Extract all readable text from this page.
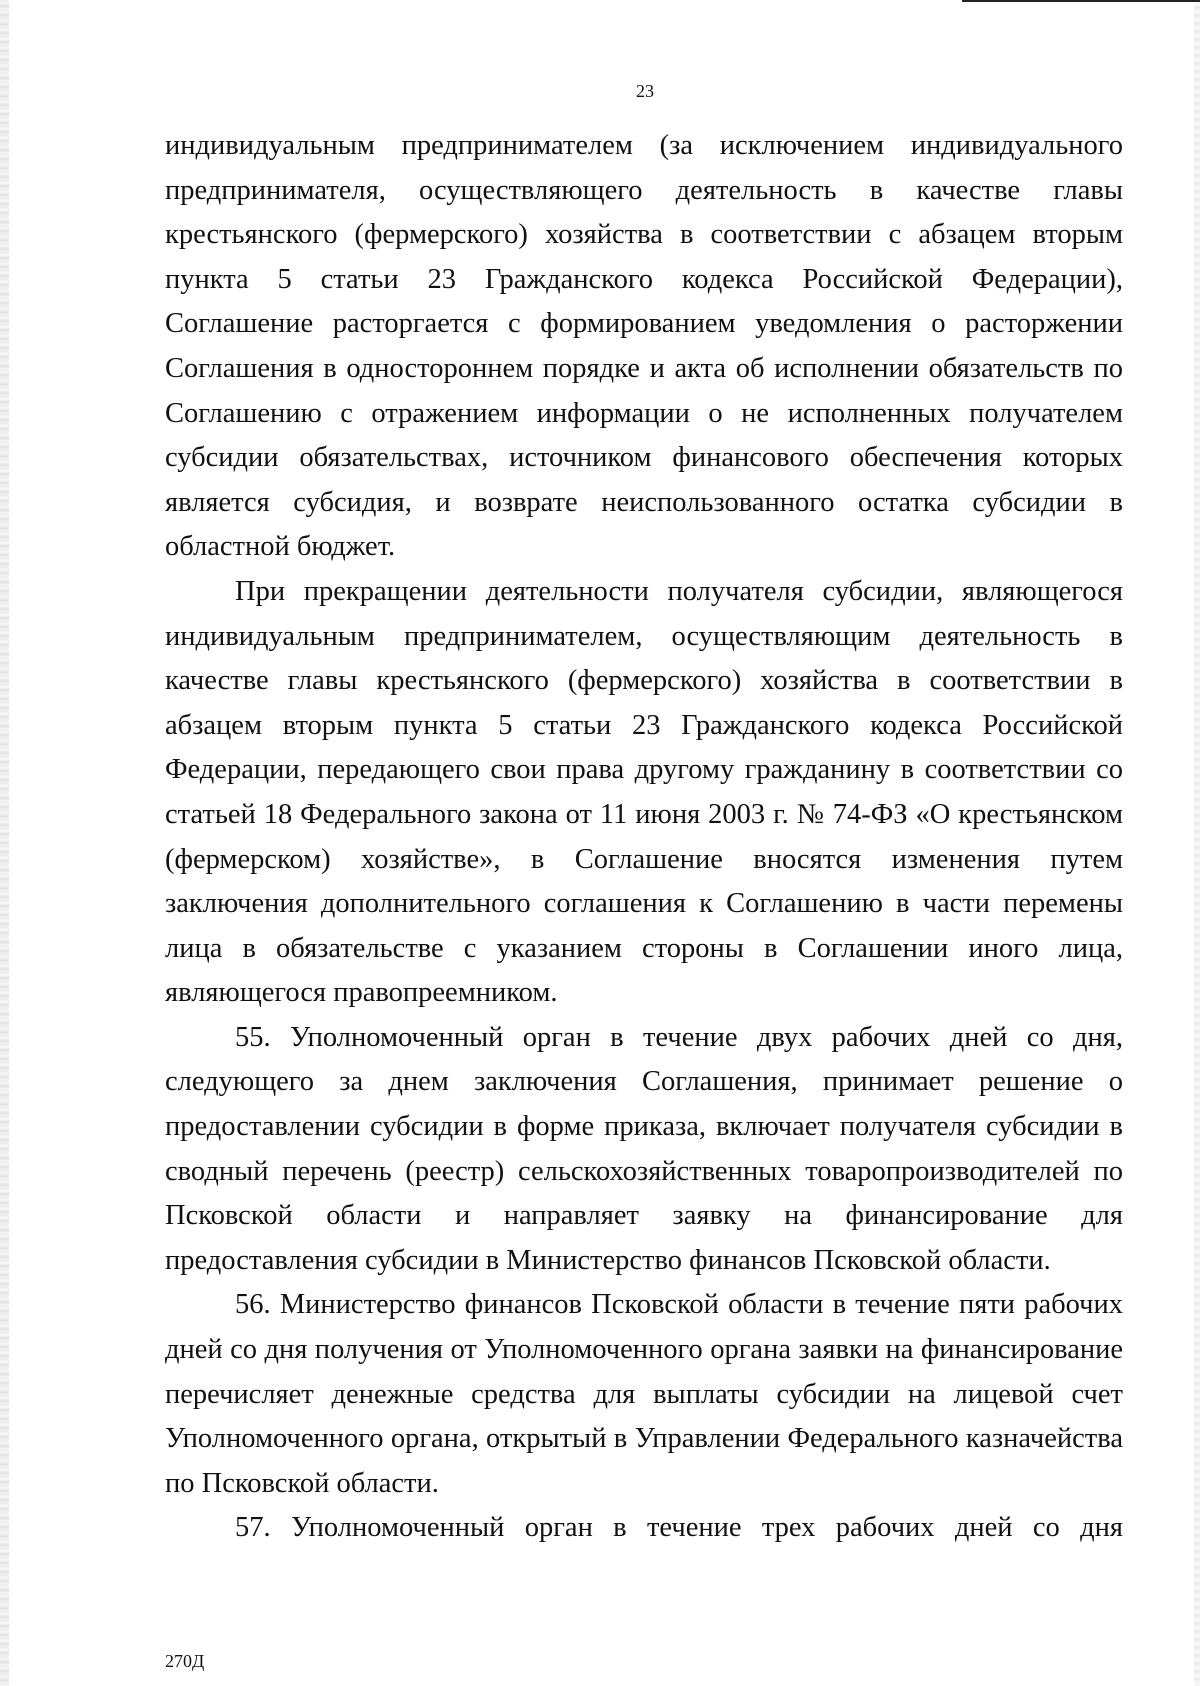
23

индивидуальным предпринимателем (за исключением индивидуального предпринимателя, осуществляющего деятельность в качестве главы крестьянского (фермерского) хозяйства в соответствии с абзацем вторым пункта 5 статьи 23 Гражданского кодекса Российской Федерации), Соглашение расторгается с формированием уведомления о расторжении Соглашения в одностороннем порядке и акта об исполнении обязательств по Соглашению с отражением информации о не исполненных получателем субсидии обязательствах, источником финансового обеспечения которых является субсидия, и возврате неиспользованного остатка субсидии в областной бюджет.

При прекращении деятельности получателя субсидии, являющегося индивидуальным предпринимателем, осуществляющим деятельность в качестве главы крестьянского (фермерского) хозяйства в соответствии в абзацем вторым пункта 5 статьи 23 Гражданского кодекса Российской Федерации, передающего свои права другому гражданину в соответствии со статьей 18 Федерального закона от 11 июня 2003 г. № 74-ФЗ «О крестьянском (фермерском) хозяйстве», в Соглашение вносятся изменения путем заключения дополнительного соглашения к Соглашению в части перемены лица в обязательстве с указанием стороны в Соглашении иного лица, являющегося правопреемником.

55. Уполномоченный орган в течение двух рабочих дней со дня, следующего за днем заключения Соглашения, принимает решение о предоставлении субсидии в форме приказа, включает получателя субсидии в сводный перечень (реестр) сельскохозяйственных товаропроизводителей по Псковской области и направляет заявку на финансирование для предоставления субсидии в Министерство финансов Псковской области.

56. Министерство финансов Псковской области в течение пяти рабочих дней со дня получения от Уполномоченного органа заявки на финансирование перечисляет денежные средства для выплаты субсидии на лицевой счет Уполномоченного органа, открытый в Управлении Федерального казначейства по Псковской области.

57. Уполномоченный орган в течение трех рабочих дней со дня

270Д
